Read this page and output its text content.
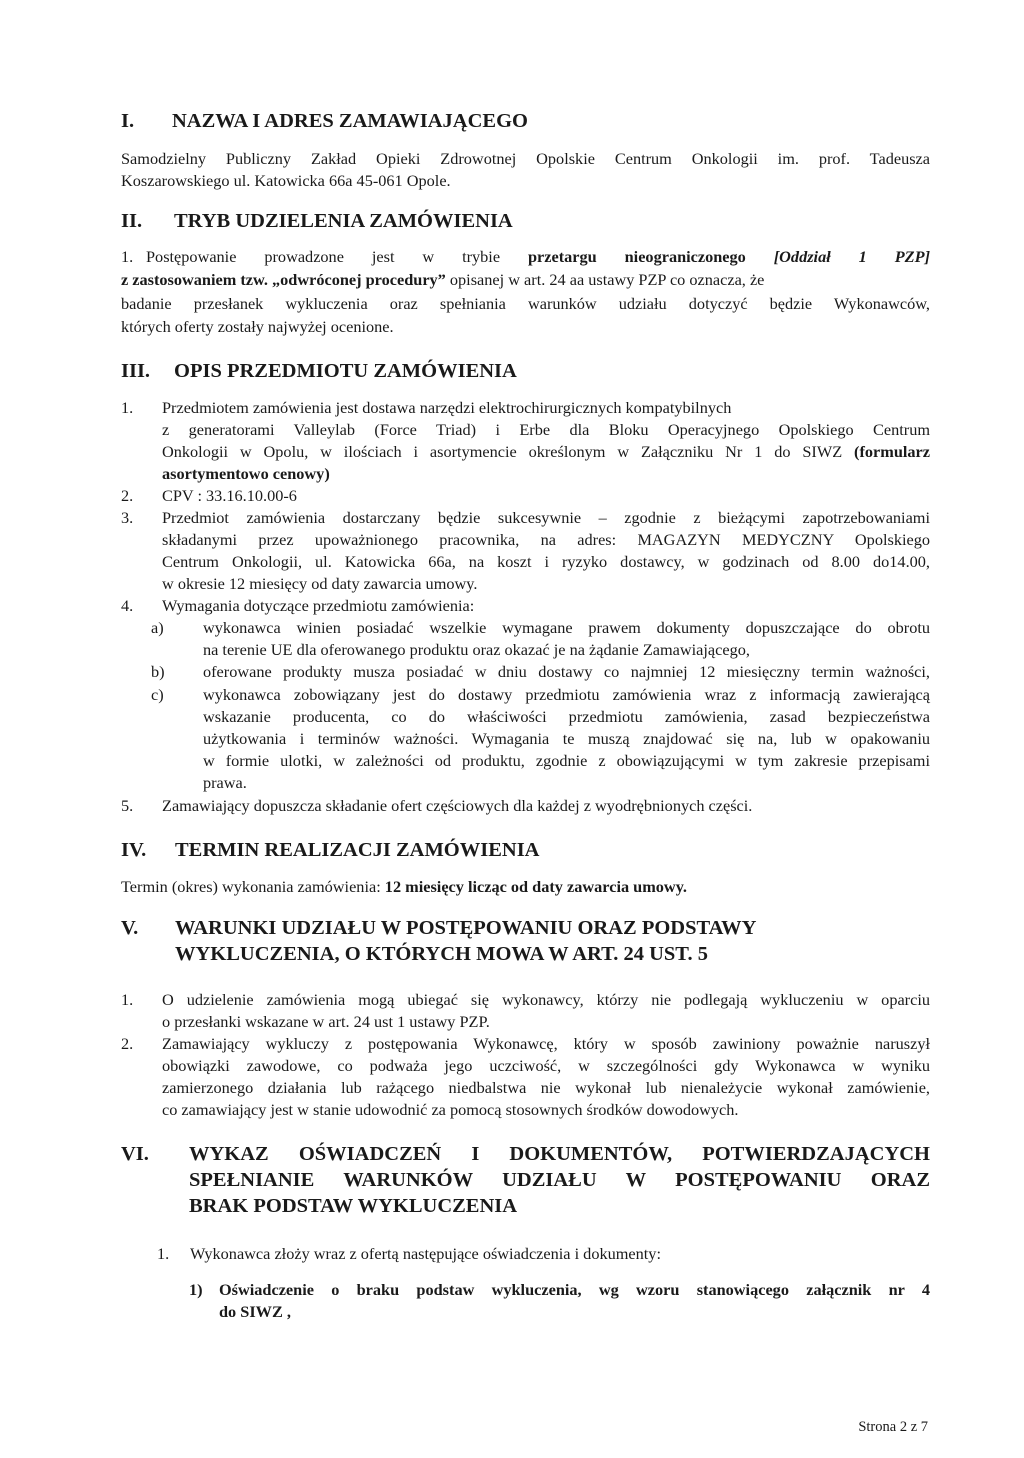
I. NAZWA I ADRES ZAMAWIAJĄCEGO
Samodzielny Publiczny Zakład Opieki Zdrowotnej Opolskie Centrum Onkologii im. prof. Tadeusza
Koszarowskiego ul. Katowicka 66a 45-061 Opole.
II. TRYB UDZIELENIA ZAMÓWIENIA
1. Postępowanie prowadzone jest w trybie przetargu nieograniczonego [Oddział 1 PZP]
z zastosowaniem tzw. „odwróconej procedury” opisanej w art. 24 aa ustawy PZP co oznacza, że
badanie przesłanek wykluczenia oraz spełniania warunków udziału dotyczyć będzie Wykonawców,
których oferty zostały najwyżej ocenione.
III. OPIS PRZEDMIOTU ZAMÓWIENIA
1. Przedmiotem zamówienia jest dostawa narzędzi elektrochirurgicznych kompatybilnych
z generatorami Valleylab (Force Triad) i Erbe dla Bloku Operacyjnego Opolskiego Centrum
Onkologii w Opolu, w ilościach i asortymencie określonym w Załączniku Nr 1 do SIWZ (formularz
asortymentowo cenowy)
2. CPV : 33.16.10.00-6
3. Przedmiot zamówienia dostarczany będzie sukcesywnie – zgodnie z bieżącymi zapotrzebowaniami
składanymi przez upoważnionego pracownika, na adres: MAGAZYN MEDYCZNY Opolskiego
Centrum Onkologii, ul. Katowicka 66a, na koszt i ryzyko dostawcy, w godzinach od 8.00 do14.00,
w okresie 12 miesięcy od daty zawarcia umowy.
4. Wymagania dotyczące przedmiotu zamówienia:
a) wykonawca winien posiadać wszelkie wymagane prawem dokumenty dopuszczające do obrotu
na terenie UE dla oferowanego produktu oraz okazać je na żądanie Zamawiającego,
b) oferowane produkty musza posiadać w dniu dostawy co najmniej 12 miesięczny termin ważności,
c) wykonawca zobowiązany jest do dostawy przedmiotu zamówienia wraz z informacją zawierającą
wskazanie producenta, co do właściwości przedmiotu zamówienia, zasad bezpieczeństwa
użytkowania i terminów ważności. Wymagania te muszą znajdować się na, lub w opakowaniu
w formie ulotki, w zależności od produktu, zgodnie z obowiązującymi w tym zakresie przepisami
prawa.
5. Zamawiający dopuszcza składanie ofert częściowych dla każdej z wyodrębnionych części.
IV. TERMIN REALIZACJI ZAMÓWIENIA
Termin (okres) wykonania zamówienia: 12 miesięcy licząc od daty zawarcia umowy.
V. WARUNKI UDZIAŁU W POSTĘPOWANIU ORAZ PODSTAWY
WYKLUCZENIA, O KTÓRYCH MOWA W ART. 24 UST. 5
1. O udzielenie zamówienia mogą ubiegać się wykonawcy, którzy nie podlegają wykluczeniu w oparciu
o przesłanki wskazane w art. 24 ust 1 ustawy PZP.
2. Zamawiający wykluczy z postępowania Wykonawcę, który w sposób zawiniony poważnie naruszył
obowiązki zawodowe, co podważa jego uczciwość, w szczególności gdy Wykonawca w wyniku
zamierzonego działania lub rażącego niedbalstwa nie wykonał lub nienależycie wykonał zamówienie,
co zamawiający jest w stanie udowodnić za pomocą stosownych środków dowodowych.
VI. WYKAZ OŚWIADCZEŃ I DOKUMENTÓW, POTWIERDZAJĄCYCH
SPEŁNIANIE WARUNKÓW UDZIAŁU W POSTĘPOWANIU ORAZ
BRAK PODSTAW WYKLUCZENIA
1. Wykonawca złoży wraz z ofertą następujące oświadczenia i dokumenty:
1) Oświadczenie o braku podstaw wykluczenia, wg wzoru stanowiącego załącznik nr 4
do SIWZ ,
Strona 2 z 7
